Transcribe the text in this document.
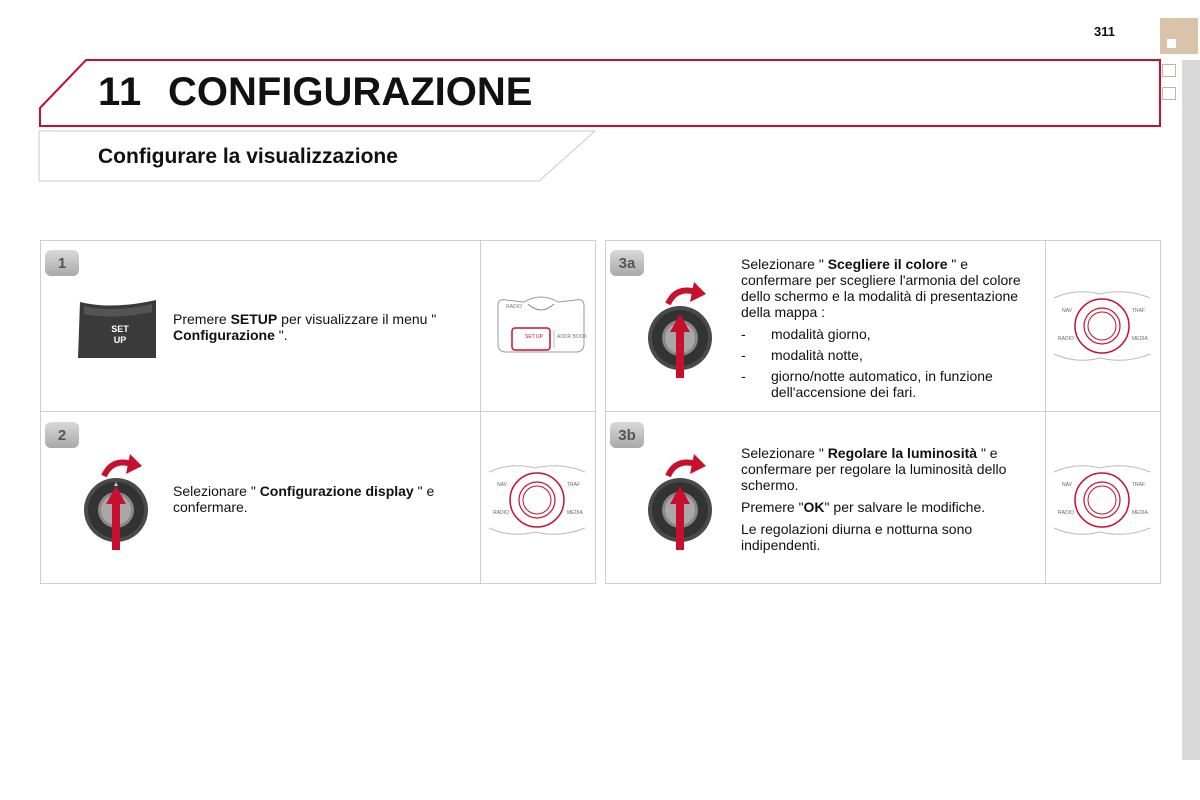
311
11 CONFIGURAZIONE
Configurare la visualizzazione
1
SET
UP
Premere SETUP per visualizzare il menu " Configurazione ".
RADIO
SET UP	ADDR BOOK
2
Selezionare " Configurazione display " e confermare.
NAV	TRAF
RADIO	MEDIA
3a	Selezionare " Scegliere il colore " e confermare per scegliere l'armonia del colore dello schermo e la modalità di presentazione della mappa :

-	modalità giorno,
-	modalità notte,
-	giorno/notte automatico, in funzione dell'accensione dei fari.
NAV	TRAF
RADIO	MEDIA
3b

Selezionare " Regolare la luminosità " e confermare per regolare la luminosità dello schermo.

Premere "OK" per salvare le modifiche.

Le regolazioni diurna e notturna sono indipendenti.

NAV	TRAF
RADIO	MEDIA
